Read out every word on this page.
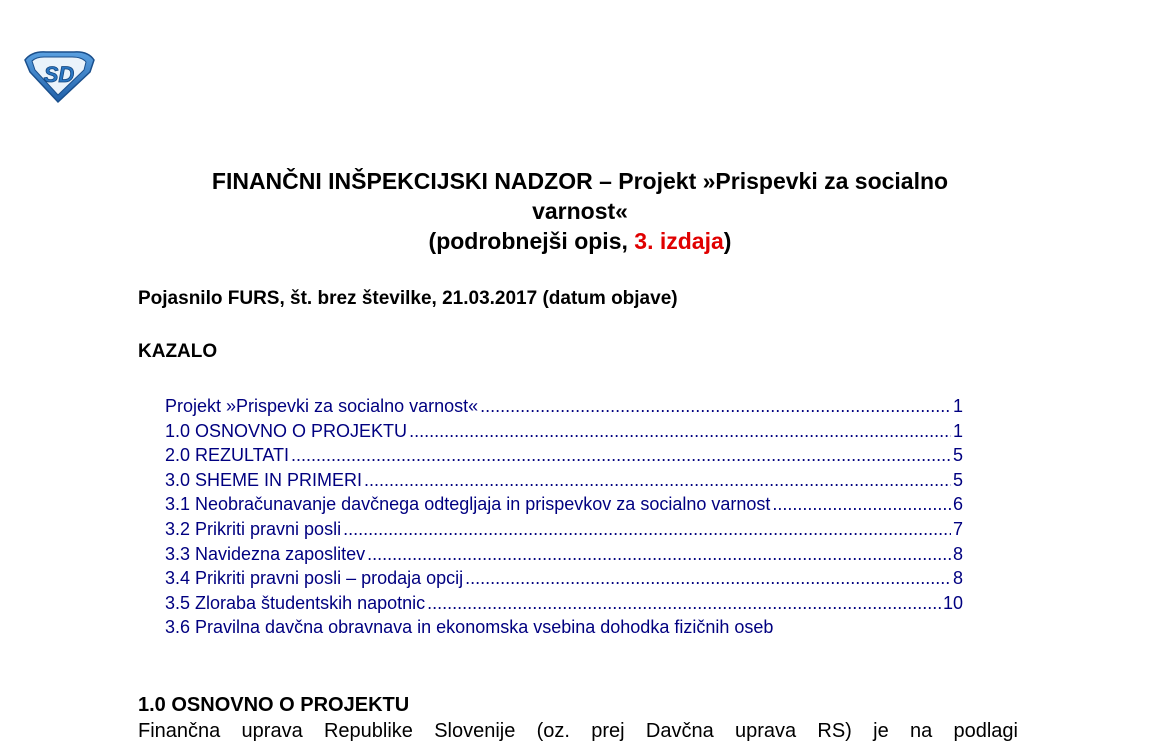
SD
FINANČNI INŠPEKCIJSKI NADZOR – Projekt »Prispevki za socialno
varnost«
(podrobnejši opis, 3. izdaja)
Pojasnilo FURS, št. brez številke, 21.03.2017 (datum objave)
KAZALO
Projekt »Prispevki za socialno varnost« .....	1
1.0 OSNOVNO O PROJEKTU .....	1
2.0 REZULTATI .....	5
3.0 SHEME IN PRIMERI .....	5
3.1 Neobračunavanje davčnega odtegljaja in prispevkov za socialno varnost .....	6
3.2 Prikriti pravni posli .....	7
3.3 Navidezna zaposlitev .....	8
3.4 Prikriti pravni posli – prodaja opcij .....	8
3.5 Zloraba študentskih napotnic .....	10
3.6 Pravilna davčna obravnava in ekonomska vsebina dohodka fizičnih oseb
1.0 OSNOVNO O PROJEKTU
Finančna uprava Republike Slovenije (oz. prej Davčna uprava RS) je na podlagi
